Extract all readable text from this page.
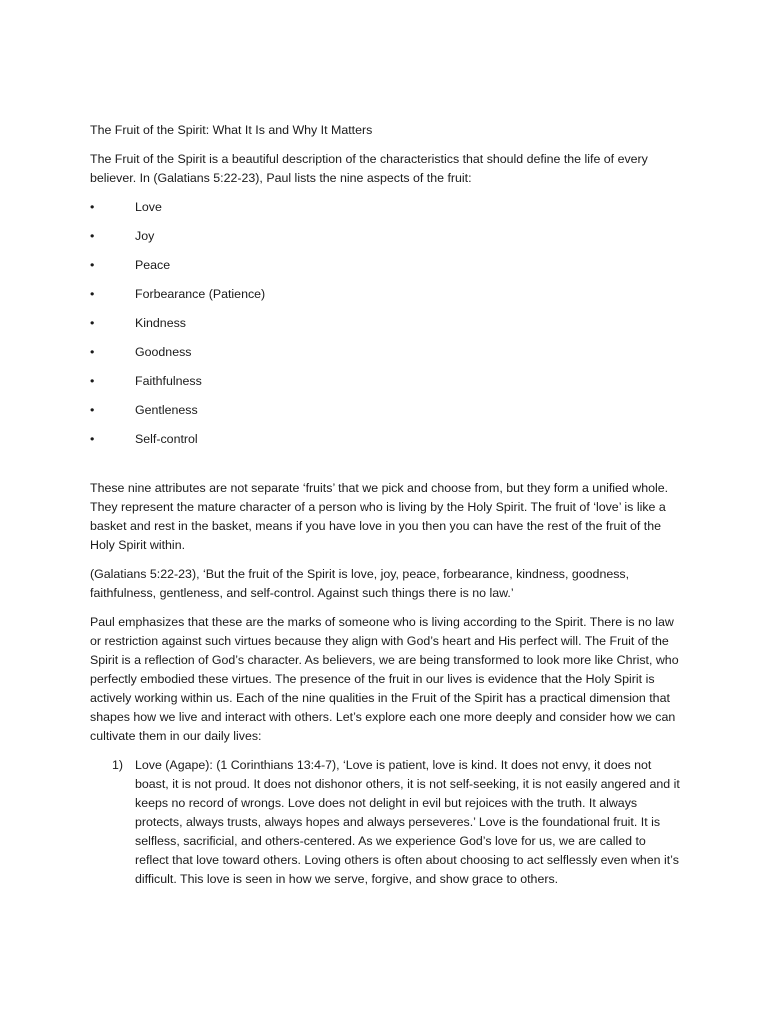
The Fruit of the Spirit: What It Is and Why It Matters

The Fruit of the Spirit is a beautiful description of the characteristics that should define the life of every believer. In (Galatians 5:22-23), Paul lists the nine aspects of the fruit:

•	Love
•	Joy
•	Peace
•	Forbearance (Patience)
•	Kindness
•	Goodness
•	Faithfulness
•	Gentleness
•	Self-control

These nine attributes are not separate ‘fruits’ that we pick and choose from, but they form a unified whole. They represent the mature character of a person who is living by the Holy Spirit. The fruit of ‘love’ is like a basket and rest in the basket, means if you have love in you then you can have the rest of the fruit of the Holy Spirit within.

(Galatians 5:22-23), ‘But the fruit of the Spirit is love, joy, peace, forbearance, kindness, goodness, faithfulness, gentleness, and self-control. Against such things there is no law.’

Paul emphasizes that these are the marks of someone who is living according to the Spirit. There is no law or restriction against such virtues because they align with God’s heart and His perfect will. The Fruit of the Spirit is a reflection of God’s character. As believers, we are being transformed to look more like Christ, who perfectly embodied these virtues. The presence of the fruit in our lives is evidence that the Holy Spirit is actively working within us. Each of the nine qualities in the Fruit of the Spirit has a practical dimension that shapes how we live and interact with others. Let’s explore each one more deeply and consider how we can cultivate them in our daily lives:

1) Love (Agape): (1 Corinthians 13:4-7), ‘Love is patient, love is kind. It does not envy, it does not boast, it is not proud. It does not dishonor others, it is not self-seeking, it is not easily angered and it keeps no record of wrongs. Love does not delight in evil but rejoices with the truth. It always protects, always trusts, always hopes and always perseveres.’ Love is the foundational fruit. It is selfless, sacrificial, and others-centered. As we experience God’s love for us, we are called to reflect that love toward others. Loving others is often about choosing to act selflessly even when it’s difficult. This love is seen in how we serve, forgive, and show grace to others.
